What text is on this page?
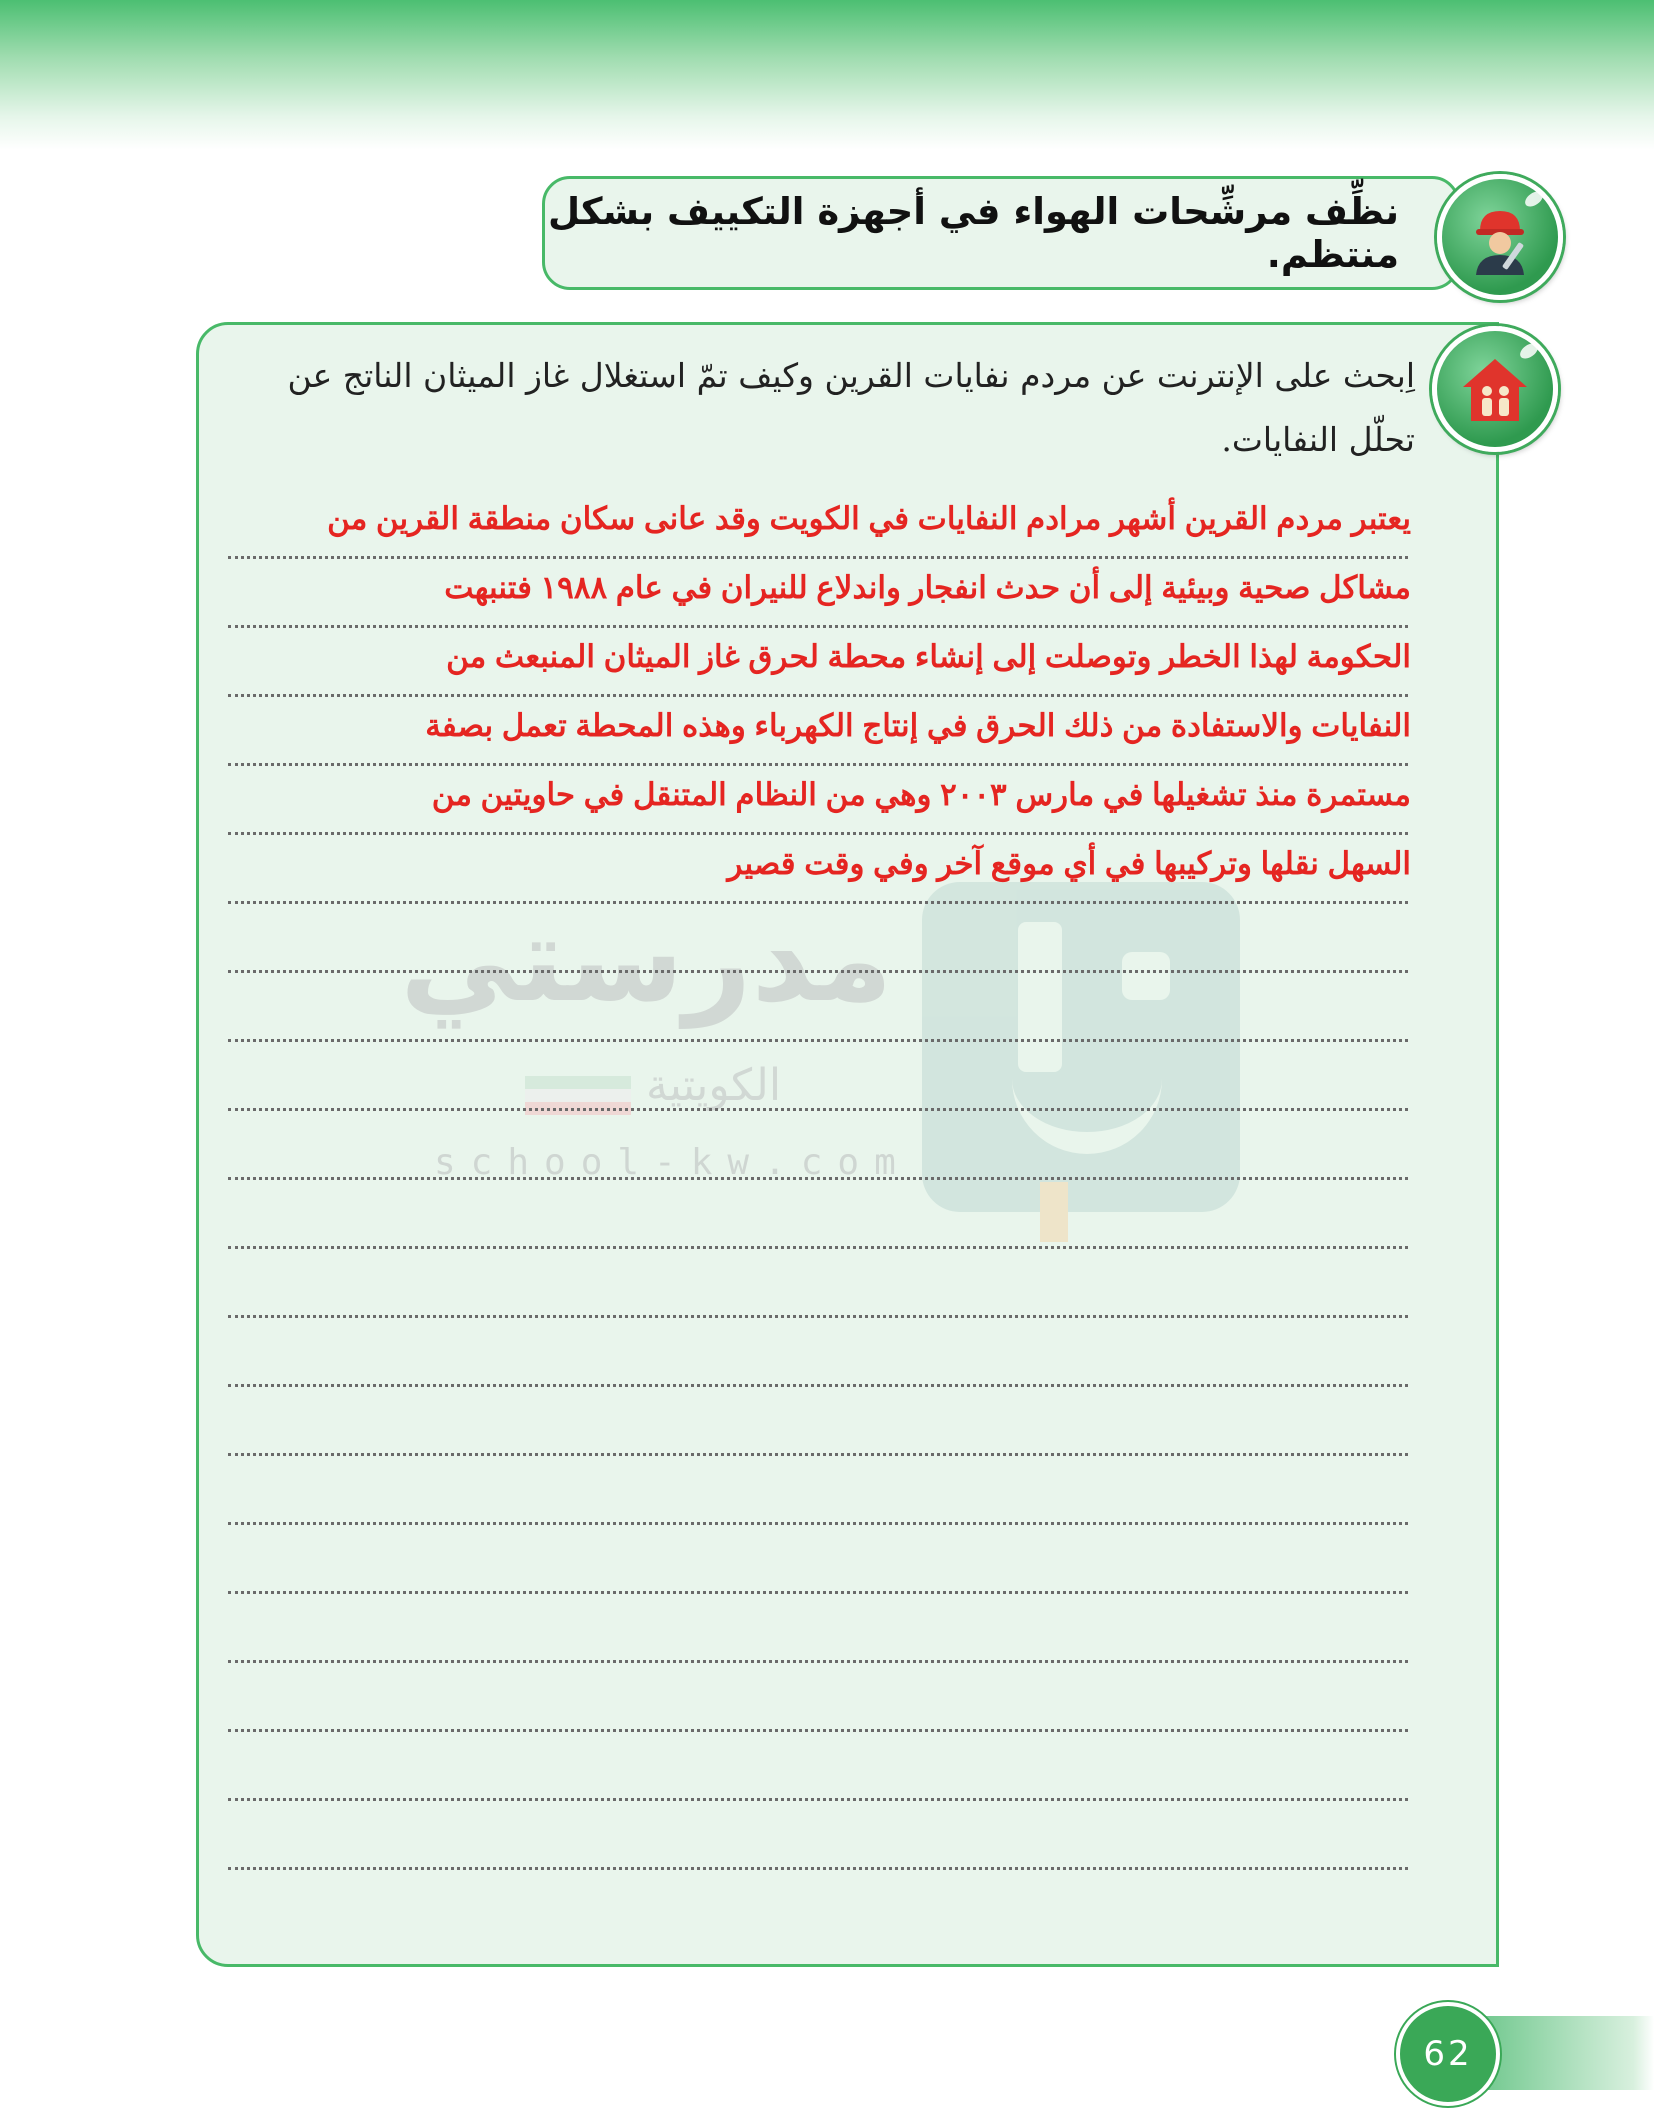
نظِّف مرشِّحات الهواء في أجهزة التكييف بشكل منتظم.
اِبحث على الإنترنت عن مردم نفايات القرين وكيف تمّ استغلال غاز الميثان الناتج عن تحلّل النفايات.
مدرستي
الكويتية
school-kw.com
يعتبر مردم القرين أشهر مرادم النفايات في الكويت وقد عانى سكان منطقة القرين من
مشاكل صحية وبيئية إلى أن حدث انفجار واندلاع للنيران في عام ١٩٨٨ فتنبهت
الحكومة لهذا الخطر وتوصلت إلى إنشاء محطة لحرق غاز الميثان المنبعث من
النفايات والاستفادة من ذلك الحرق في إنتاج الكهرباء وهذه المحطة تعمل بصفة
مستمرة منذ تشغيلها في مارس ٢٠٠٣ وهي من النظام المتنقل في حاويتين من
السهل نقلها وتركيبها في أي موقع آخر وفي وقت قصير
62
